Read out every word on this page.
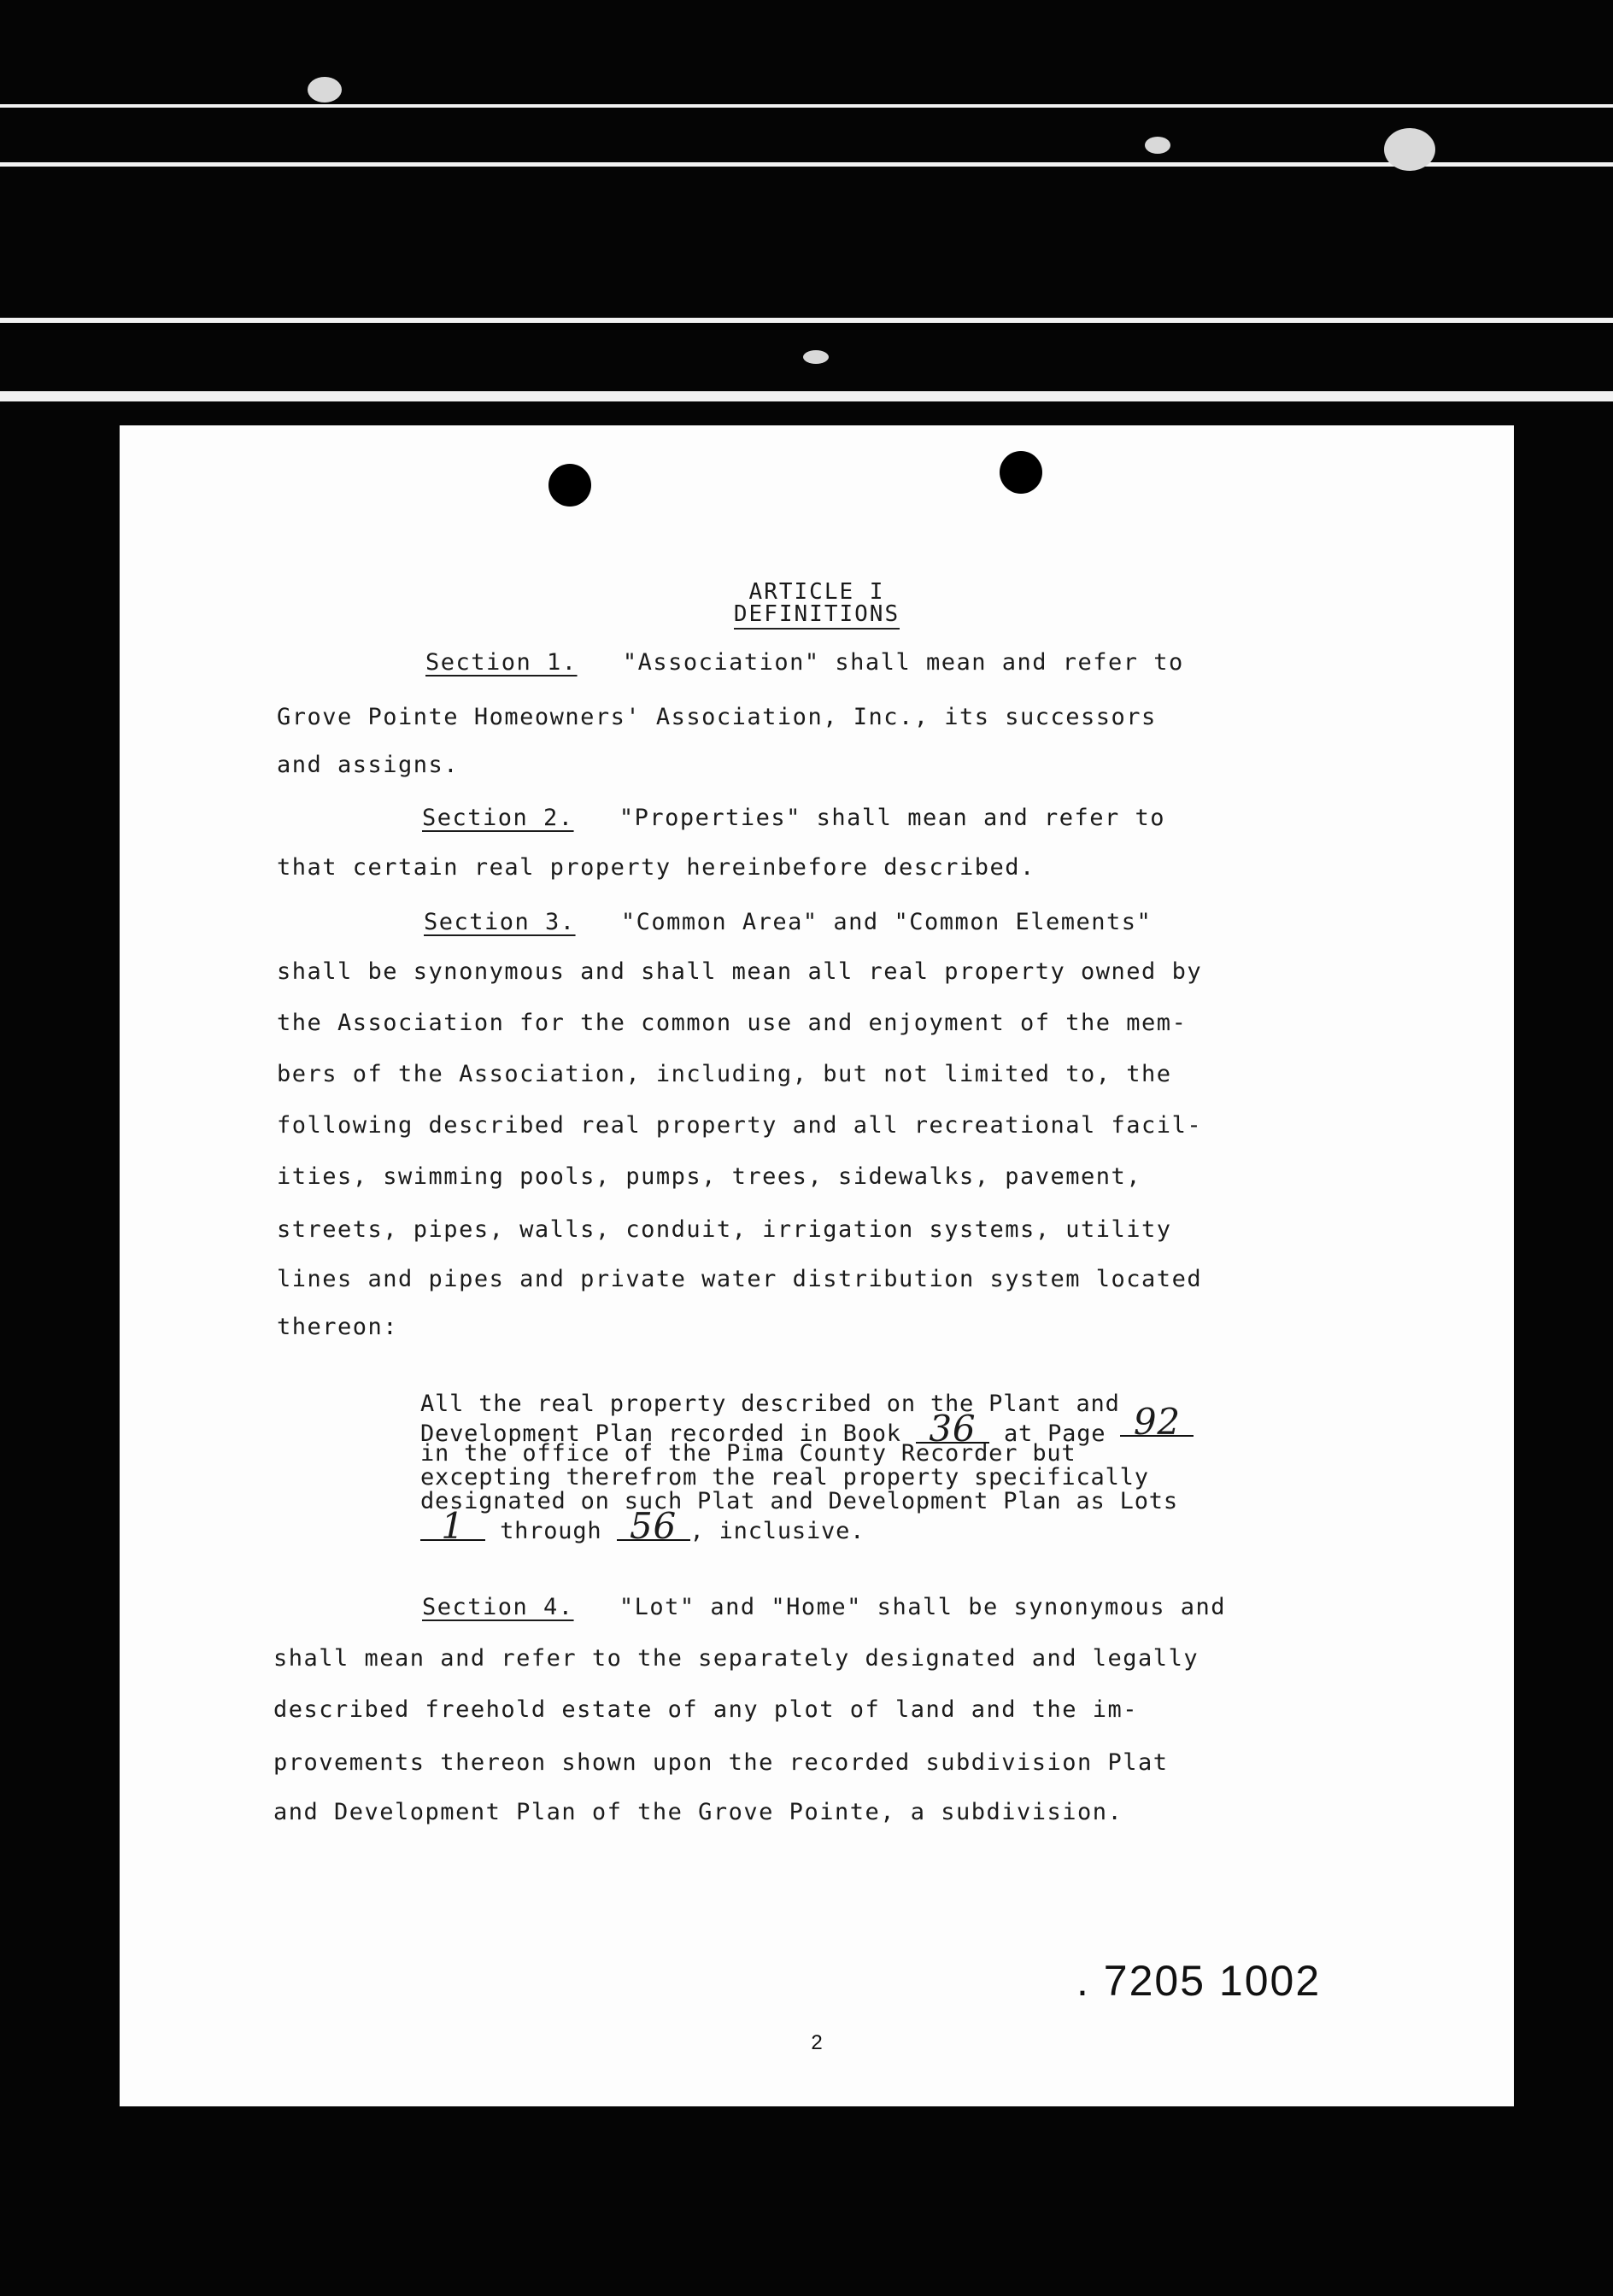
ARTICLE I
DEFINITIONS
Section 1. "Association" shall mean and refer to
Grove Pointe Homeowners' Association, Inc., its successors
and assigns.
Section 2. "Properties" shall mean and refer to
that certain real property hereinbefore described.
Section 3. "Common Area" and "Common Elements"
shall be synonymous and shall mean all real property owned by
the Association for the common use and enjoyment of the mem-
bers of the Association, including, but not limited to, the
following described real property and all recreational facil-
ities, swimming pools, pumps, trees, sidewalks, pavement,
streets, pipes, walls, conduit, irrigation systems, utility
lines and pipes and private water distribution system located
thereon:
All the real property described on the Plant and
Development Plan recorded in Book 36 at Page 92
in the office of the Pima County Recorder but
excepting therefrom the real property specifically
designated on such Plat and Development Plan as Lots
1 through 56 , inclusive.
Section 4. "Lot" and "Home" shall be synonymous and
shall mean and refer to the separately designated and legally
described freehold estate of any plot of land and the im-
provements thereon shown upon the recorded subdivision Plat
and Development Plan of the Grove Pointe, a subdivision.
. 7205 1002
2
